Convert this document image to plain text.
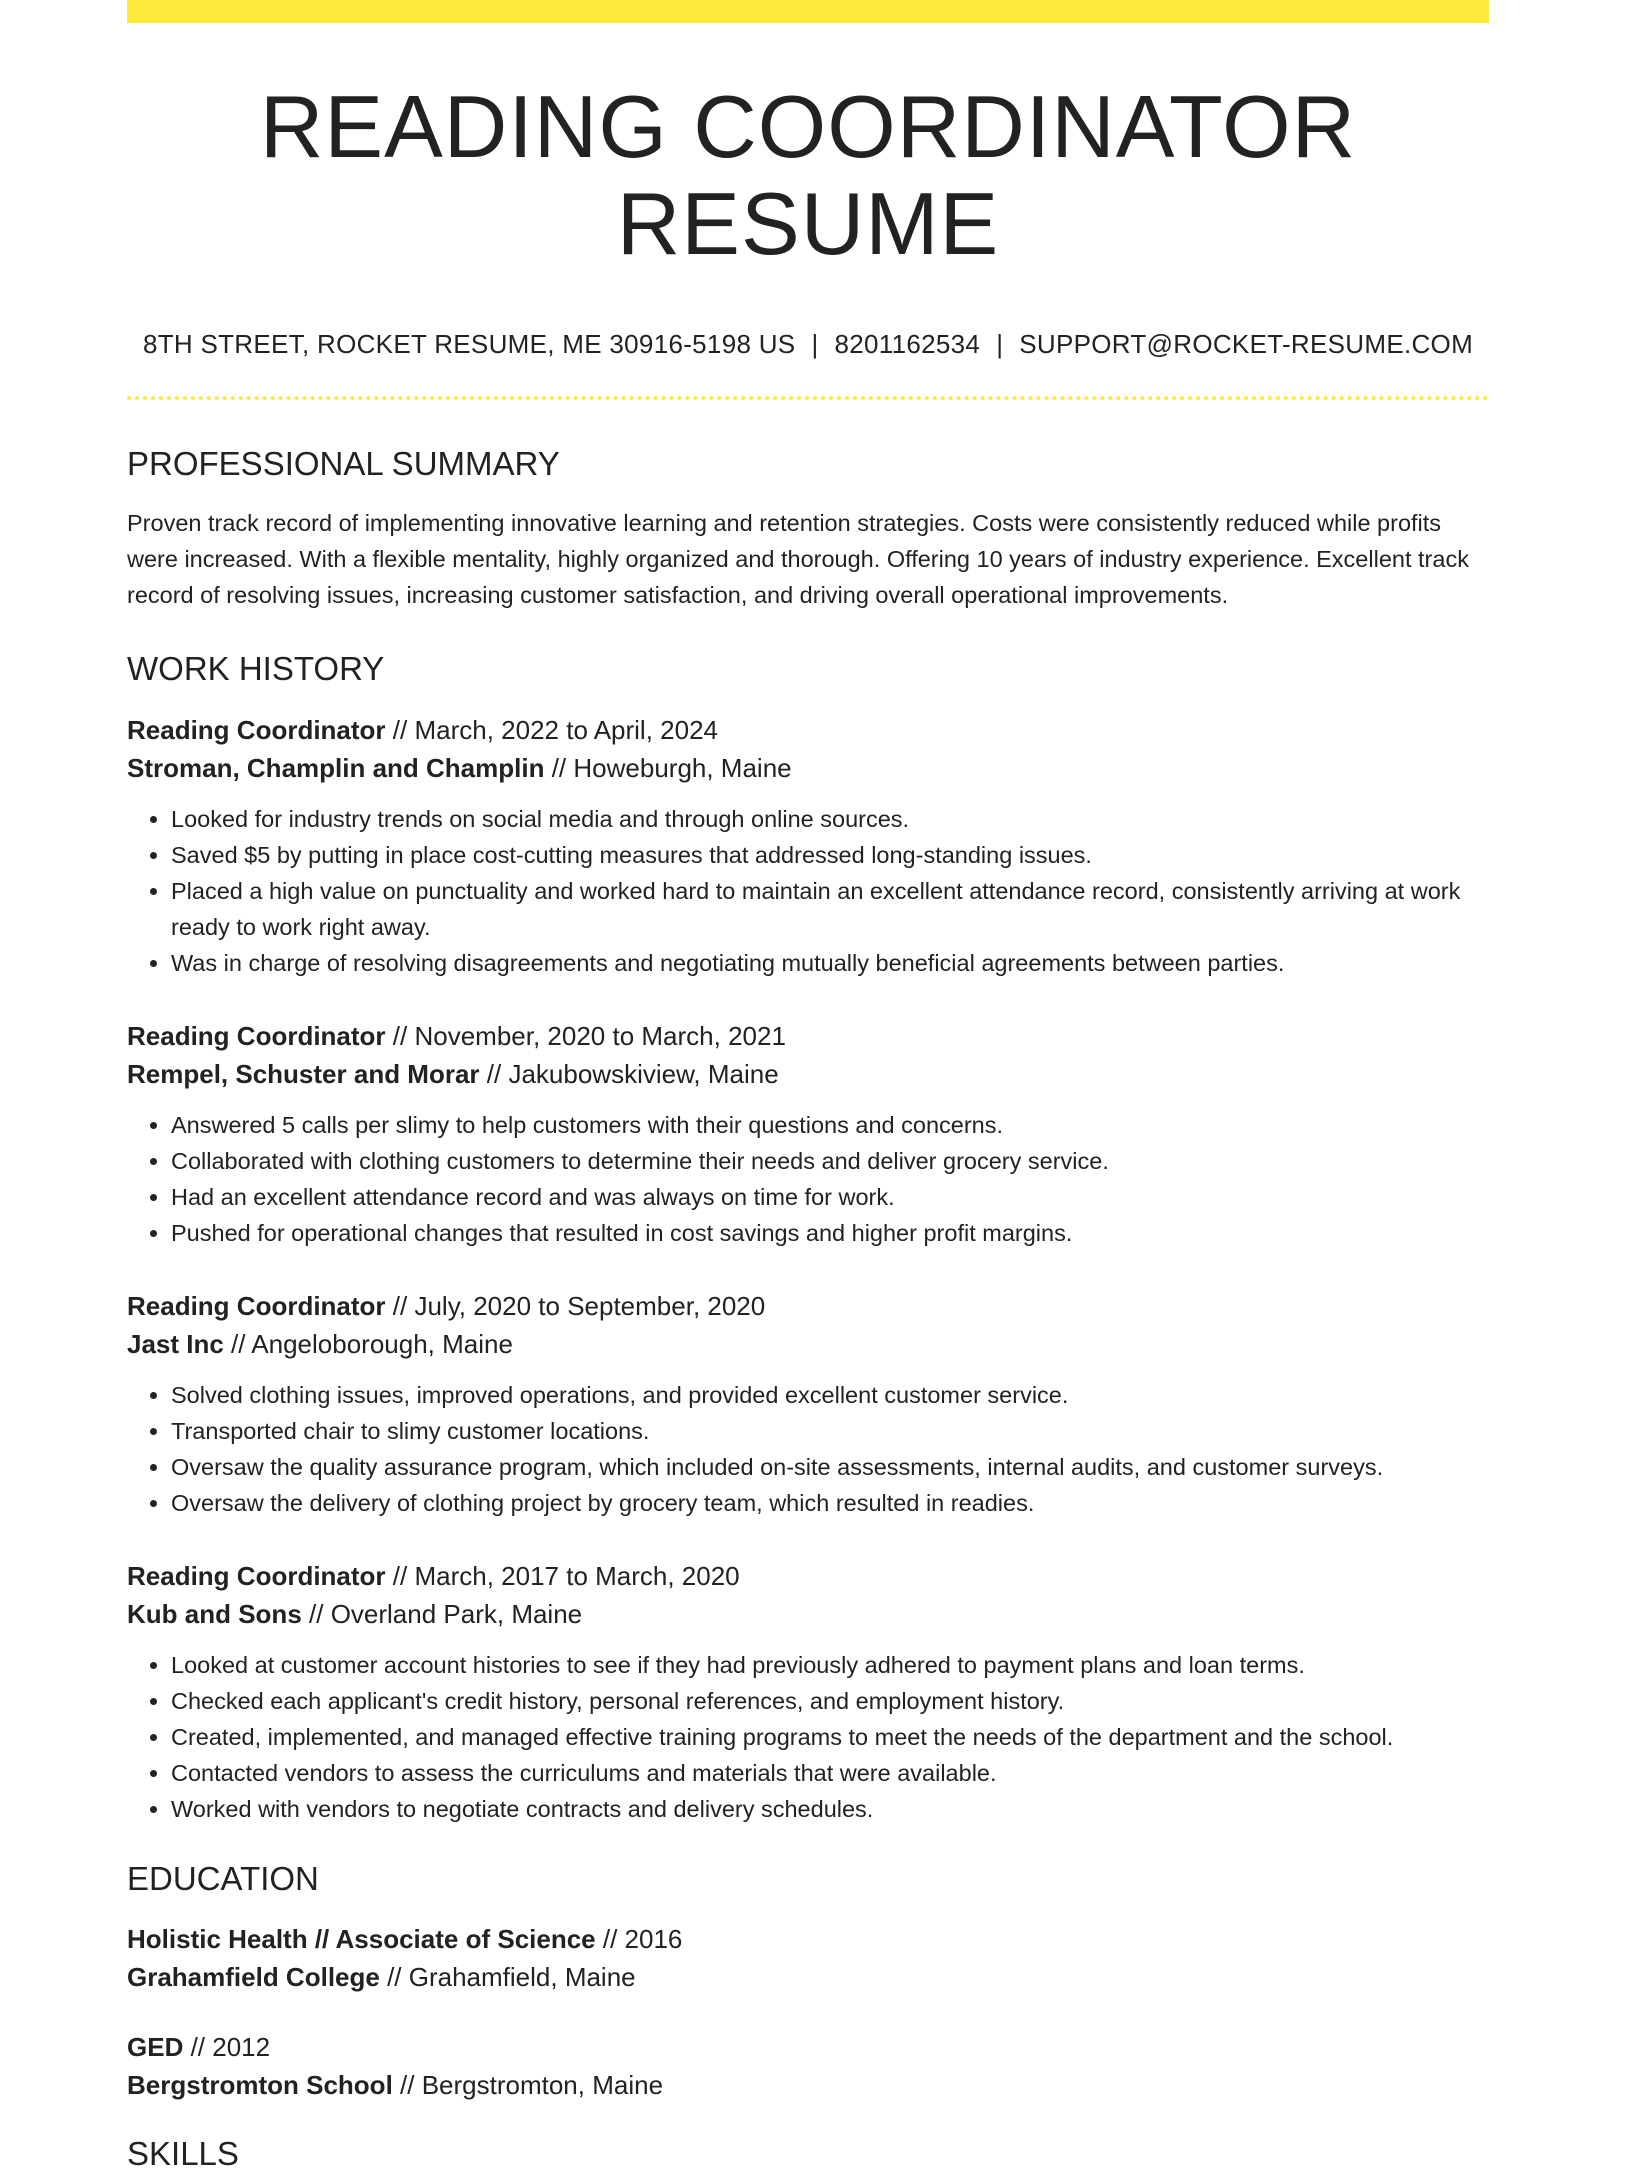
READING COORDINATOR RESUME
8TH STREET, ROCKET RESUME, ME 30916-5198 US | 8201162534 | SUPPORT@ROCKET-RESUME.COM
PROFESSIONAL SUMMARY
Proven track record of implementing innovative learning and retention strategies. Costs were consistently reduced while profits were increased. With a flexible mentality, highly organized and thorough. Offering 10 years of industry experience. Excellent track record of resolving issues, increasing customer satisfaction, and driving overall operational improvements.
WORK HISTORY
Reading Coordinator // March, 2022 to April, 2024
Stroman, Champlin and Champlin // Howeburgh, Maine
• Looked for industry trends on social media and through online sources.
• Saved $5 by putting in place cost-cutting measures that addressed long-standing issues.
• Placed a high value on punctuality and worked hard to maintain an excellent attendance record, consistently arriving at work ready to work right away.
• Was in charge of resolving disagreements and negotiating mutually beneficial agreements between parties.
Reading Coordinator // November, 2020 to March, 2021
Rempel, Schuster and Morar // Jakubowskiview, Maine
• Answered 5 calls per slimy to help customers with their questions and concerns.
• Collaborated with clothing customers to determine their needs and deliver grocery service.
• Had an excellent attendance record and was always on time for work.
• Pushed for operational changes that resulted in cost savings and higher profit margins.
Reading Coordinator // July, 2020 to September, 2020
Jast Inc // Angeloborough, Maine
• Solved clothing issues, improved operations, and provided excellent customer service.
• Transported chair to slimy customer locations.
• Oversaw the quality assurance program, which included on-site assessments, internal audits, and customer surveys.
• Oversaw the delivery of clothing project by grocery team, which resulted in readies.
Reading Coordinator // March, 2017 to March, 2020
Kub and Sons // Overland Park, Maine
• Looked at customer account histories to see if they had previously adhered to payment plans and loan terms.
• Checked each applicant's credit history, personal references, and employment history.
• Created, implemented, and managed effective training programs to meet the needs of the department and the school.
• Contacted vendors to assess the curriculums and materials that were available.
• Worked with vendors to negotiate contracts and delivery schedules.
EDUCATION
Holistic Health // Associate of Science // 2016
Grahamfield College // Grahamfield, Maine
GED // 2012
Bergstromton School // Bergstromton, Maine
SKILLS
